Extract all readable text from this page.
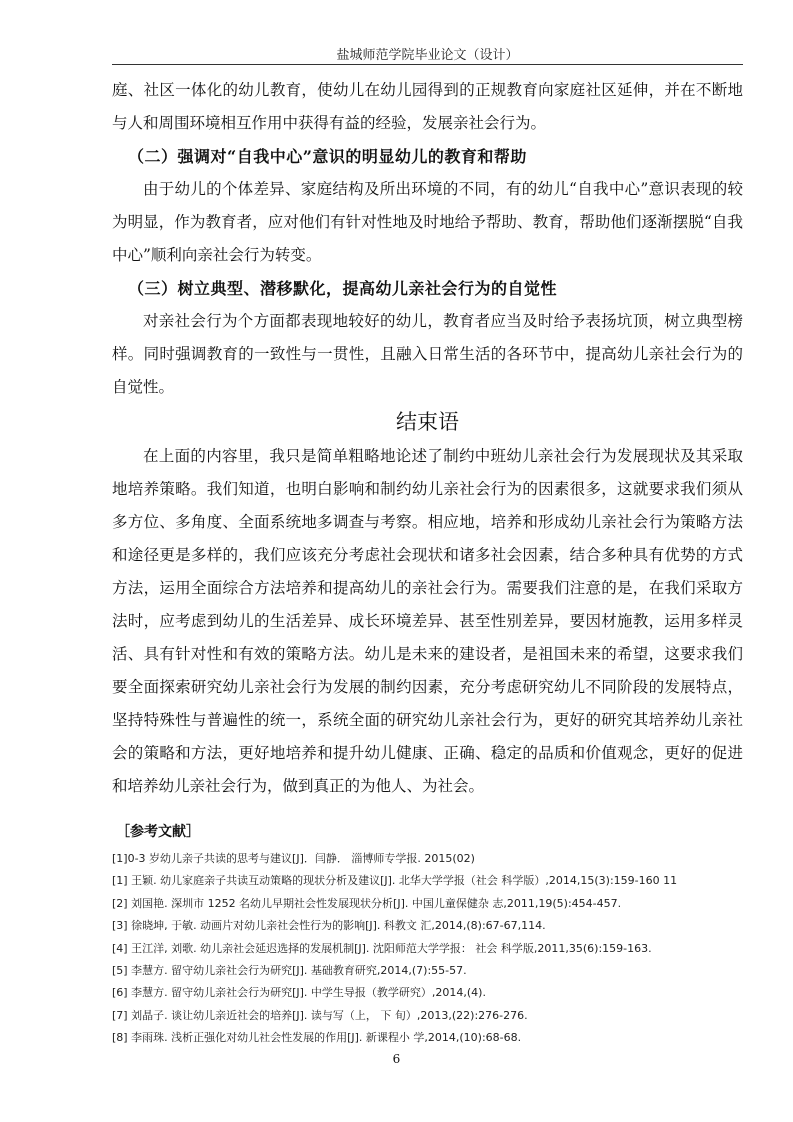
盐城师范学院毕业论文（设计）

庭、社区一体化的幼儿教育，使幼儿在幼儿园得到的正规教育向家庭社区延伸，并在不断地与人和周围环境相互作用中获得有益的经验，发展亲社会行为。

（二）强调对“自我中心”意识的明显幼儿的教育和帮助

由于幼儿的个体差异、家庭结构及所出环境的不同，有的幼儿“自我中心”意识表现的较为明显，作为教育者，应对他们有针对性地及时地给予帮助、教育，帮助他们逐渐摆脱“自我中心”顺利向亲社会行为转变。

（三）树立典型、潜移默化，提高幼儿亲社会行为的自觉性

对亲社会行为个方面都表现地较好的幼儿，教育者应当及时给予表扬坑顶，树立典型榜样。同时强调教育的一致性与一贯性，且融入日常生活的各环节中，提高幼儿亲社会行为的自觉性。

结束语

在上面的内容里，我只是简单粗略地论述了制约中班幼儿亲社会行为发展现状及其采取地培养策略。我们知道，也明白影响和制约幼儿亲社会行为的因素很多，这就要求我们须从多方位、多角度、全面系统地多调查与考察。相应地，培养和形成幼儿亲社会行为策略方法和途径更是多样的，我们应该充分考虑社会现状和诸多社会因素，结合多种具有优势的方式方法，运用全面综合方法培养和提高幼儿的亲社会行为。需要我们注意的是，在我们采取方法时，应考虑到幼儿的生活差异、成长环境差异、甚至性别差异，要因材施教，运用多样灵活、具有针对性和有效的策略方法。幼儿是未来的建设者，是祖国未来的希望，这要求我们要全面探索研究幼儿亲社会行为发展的制约因素，充分考虑研究幼儿不同阶段的发展特点，坚持特殊性与普遍性的统一，系统全面的研究幼儿亲社会行为，更好的研究其培养幼儿亲社会的策略和方法，更好地培养和提升幼儿健康、正确、稳定的品质和价值观念，更好的促进和培养幼儿亲社会行为，做到真正的为他人、为社会。

［参考文献］

[1]0-3 岁幼儿亲子共读的思考与建议[J]．闫静． 淄博师专学报. 2015(02)

[1] 王颖. 幼儿家庭亲子共读互动策略的现状分析及建议[J]. 北华大学学报（社会 科学版）,2014,15(3):159-160 11

[2] 刘国艳. 深圳市 1252 名幼儿早期社会性发展现状分析[J]. 中国儿童保健杂 志,2011,19(5):454-457.

[3] 徐晓坤, 于敏. 动画片对幼儿亲社会性行为的影响[J]. 科教文 汇,2014,(8):67-67,114.

[4] 王江洋, 刘歌. 幼儿亲社会延迟选择的发展机制[J]. 沈阳师范大学学报： 社会 科学版,2011,35(6):159-163.

[5] 李慧方. 留守幼儿亲社会行为研究[J]. 基础教育研究,2014,(7):55-57.

[6] 李慧方. 留守幼儿亲社会行为研究[J]. 中学生导报（教学研究）,2014,(4).

[7] 刘晶子. 谈让幼儿亲近社会的培养[J]. 读与写（上， 下 旬）,2013,(22):276-276.

[8] 李雨珠. 浅析正强化对幼儿社会性发展的作用[J]. 新课程小 学,2014,(10):68-68.

6
